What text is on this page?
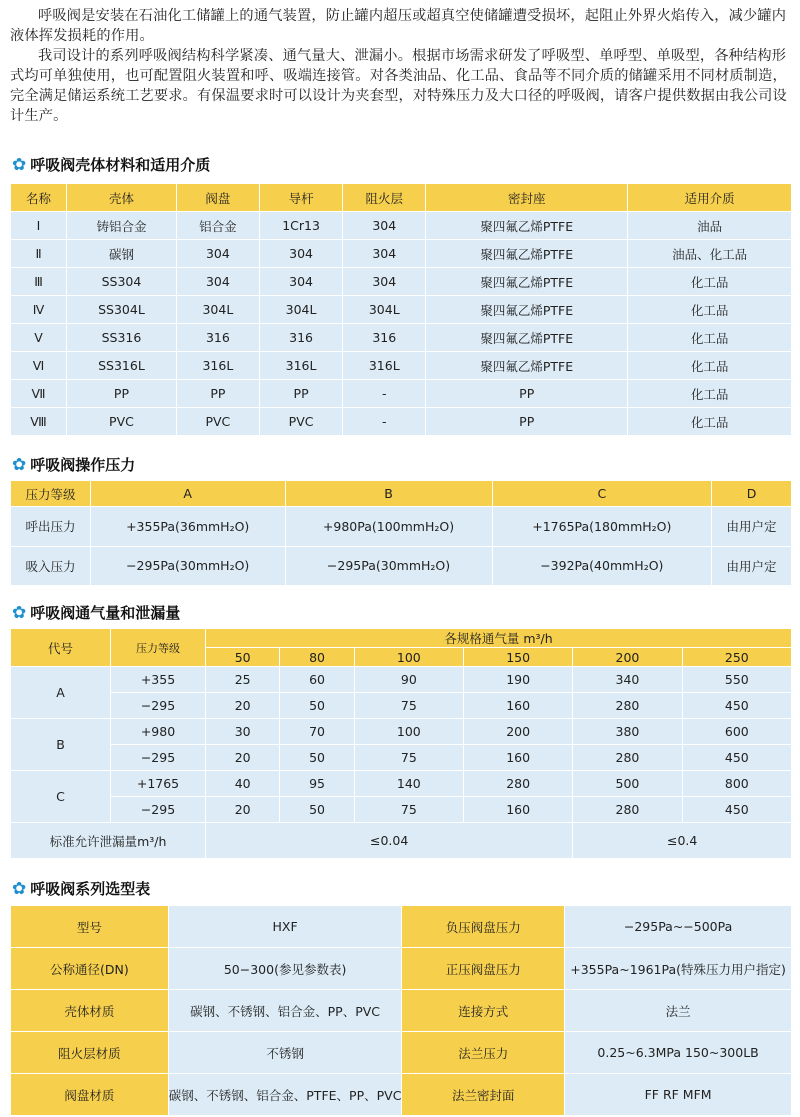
呼吸阀是安装在石油化工储罐上的通气装置，防止罐内超压或超真空使储罐遭受损坏，起阻止外界火焰传入，减少罐内液体挥发损耗的作用。

我司设计的系列呼吸阀结构科学紧凑、通气量大、泄漏小。根据市场需求研发了呼吸型、单呼型、单吸型，各种结构形式均可单独使用，也可配置阻火装置和呼、吸端连接管。对各类油品、化工品、食品等不同介质的储罐采用不同材质制造，完全满足储运系统工艺要求。有保温要求时可以设计为夹套型，对特殊压力及大口径的呼吸阀，请客户提供数据由我公司设计生产。

✿ 呼吸阀壳体材料和适用介质
名称	壳体	阀盘	导杆	阻火层	密封座	适用介质
Ⅰ	铸铝合金	铝合金	1Cr13	304	聚四氟乙烯PTFE	油品
Ⅱ	碳钢	304	304	304	聚四氟乙烯PTFE	油品、化工品
Ⅲ	SS304	304	304	304	聚四氟乙烯PTFE	化工品
Ⅳ	SS304L	304L	304L	304L	聚四氟乙烯PTFE	化工品
Ⅴ	SS316	316	316	316	聚四氟乙烯PTFE	化工品
Ⅵ	SS316L	316L	316L	316L	聚四氟乙烯PTFE	化工品
Ⅶ	PP	PP	PP	-	PP	化工品
Ⅷ	PVC	PVC	PVC	-	PP	化工品
✿ 呼吸阀操作压力
压力等级	A	B	C	D
呼出压力	+355Pa(36mmH₂O)	+980Pa(100mmH₂O)	+1765Pa(180mmH₂O)	由用户定
吸入压力	−295Pa(30mmH₂O)	−295Pa(30mmH₂O)	−392Pa(40mmH₂O)	由用户定
✿ 呼吸阀通气量和泄漏量
代号	压力等级	各规格通气量 m³/h					
		50	80	100	150	200	250
A	+355	25	60	90	190	340	550
	−295	20	50	75	160	280	450
B	+980	30	70	100	200	380	600
	−295	20	50	75	160	280	450
C	+1765	40	95	140	280	500	800
	−295	20	50	75	160	280	450
标准允许泄漏量m³/h		≤0.04				≤0.4	
✿ 呼吸阀系列选型表
型号	HXF	负压阀盘压力	−295Pa~−500Pa
公称通径(DN)	50−300(参见参数表)	正压阀盘压力	+355Pa~1961Pa(特殊压力用户指定)
壳体材质	碳钢、不锈钢、铝合金、PP、PVC	连接方式	法兰
阻火层材质	不锈钢	法兰压力	0.25~6.3MPa 150~300LB
阀盘材质	碳钢、不锈钢、铝合金、PTFE、PP、PVC	法兰密封面	FF RF MFM
